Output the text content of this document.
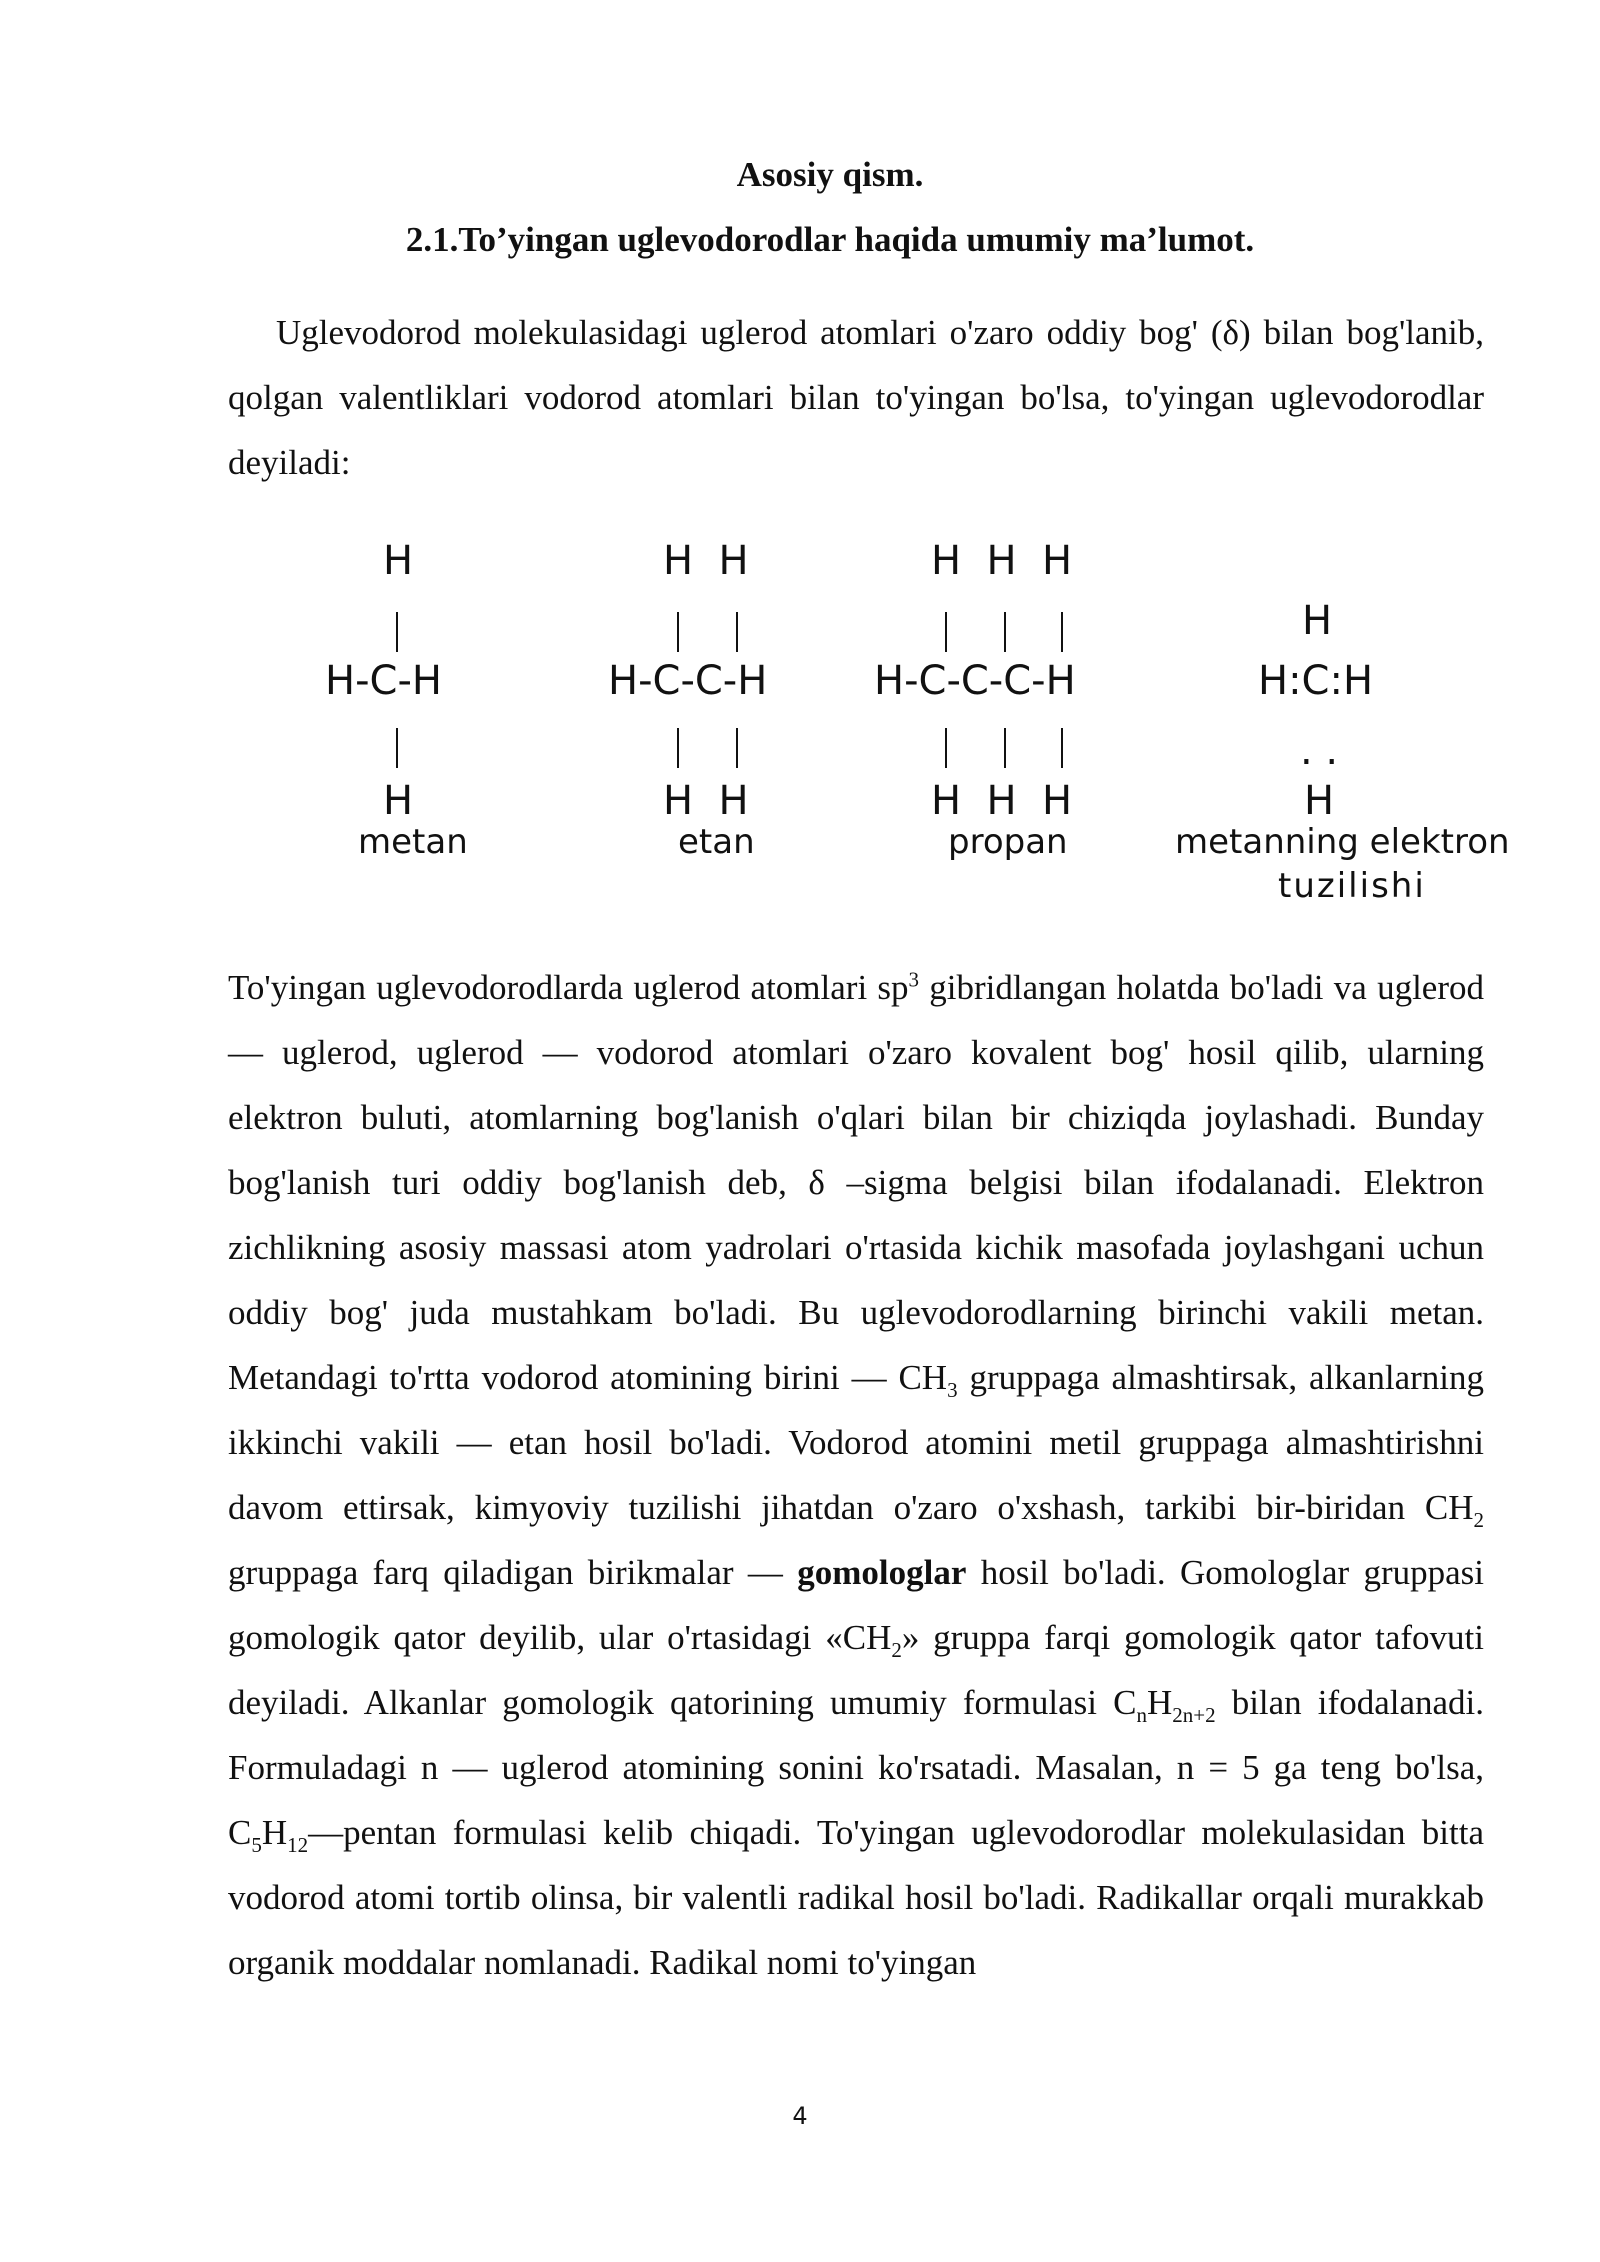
Asosiy qism.
2.1.To’yingan uglevodorodlar haqida umumiy ma’lumot.

Uglevodorod molekulasidagi uglerod atomlari o'zaro oddiy bog' (δ) bilan bog'lanib, qolgan valentliklari vodorod atomlari bilan to'yingan bo'lsa, to'yingan uglevodorodlar deyiladi:

H
H-C-H
H
metan
H  H
H-C-C-H
H  H
etan
H  H  H
H-C-C-C-H
H  H  H
propan
H
H:C:H
. .
H
metanning elektron
tuzilishi

To'yingan uglevodorodlarda uglerod atomlari $sp^3$ gibridlangan holatda bo'ladi va uglerod — uglerod, uglerod — vodorod atomlari o'zaro kovalent bog' hosil qilib, ularning elektron buluti, atomlarning bog'lanish o'qlari bilan bir chiziqda joylashadi. Bunday bog'lanish turi oddiy bog'lanish deb, δ –sigma belgisi bilan ifodalanadi. Elektron zichlikning asosiy massasi atom yadrolari o'rtasida kichik masofada joylashgani uchun oddiy bog' juda mustahkam bo'ladi. Bu uglevodorodlarning birinchi vakili metan. Metandagi to'rtta vodorod atomining birini — $CH_3$ gruppaga almashtirsak, alkanlarning ikkinchi vakili — etan hosil bo'ladi. Vodorod atomini metil gruppaga almashtirishni davom ettirsak, kimyoviy tuzilishi jihatdan o'zaro o'xshash, tarkibi bir-biridan $CH_2$ gruppaga farq qiladigan birikmalar — gomologlar hosil bo'ladi. Gomologlar gruppasi gomologik qator deyilib, ular o'rtasidagi «$CH_2$» gruppa farqi gomologik qator tafovuti deyiladi. Alkanlar gomologik qatorining umumiy formulasi $C_nH_{2n+2}$ bilan ifodalanadi. Formuladagi n — uglerod atomining sonini ko'rsatadi. Masalan, n = 5 ga teng bo'lsa, $C_5H_{12}—pentan$ formulasi kelib chiqadi. To'yingan uglevodorodlar molekulasidan bitta vodorod atomi tortib olinsa, bir valentli radikal hosil bo'ladi. Radikallar orqali murakkab organik moddalar nomlanadi. Radikal nomi to'yingan

4
